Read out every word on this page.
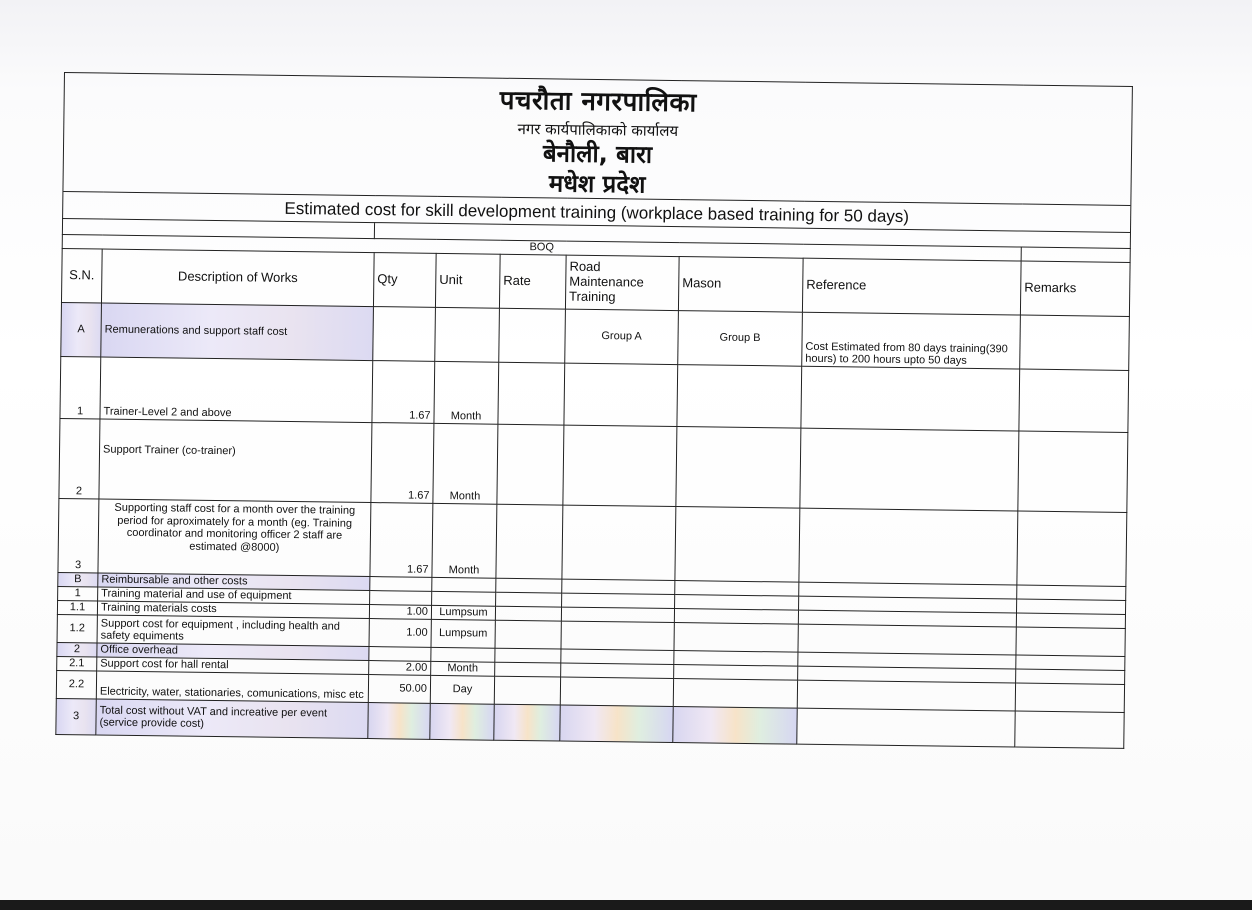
पचरौता नगरपालिका
नगर कार्यपालिकाको कार्यालय
बेनौली, बारा
मधेश प्रदेश								

Estimated cost for skill development training (workplace based training for 50 days)								

BOQ								
S.N.	Description of Works	Qty	Unit	Rate	Road Maintenance Training	Mason	Reference	Remarks
A	Remunerations and support staff cost				Group A	Group B	Cost Estimated from 80 days training(390 hours) to 200 hours upto 50 days	
1	Trainer-Level 2 and above	1.67	Month					
2	Support Trainer (co-trainer)	1.67	Month					
3	Supporting staff cost for a month over the training period for aproximately for a month (eg. Training coordinator and monitoring officer 2 staff are estimated @8000)	1.67	Month					
B	Reimbursable and other costs							
1	Training material and use of equipment							
1.1	Training materials costs	1.00	Lumpsum					
1.2	Support cost for equipment , including health and safety equiments	1.00	Lumpsum					
2	Office overhead							
2.1	Support cost for hall rental	2.00	Month					
2.2	Electricity, water, stationaries, comunications, misc etc	50.00	Day					
3	Total cost without VAT and increative per event (service provide cost)							
